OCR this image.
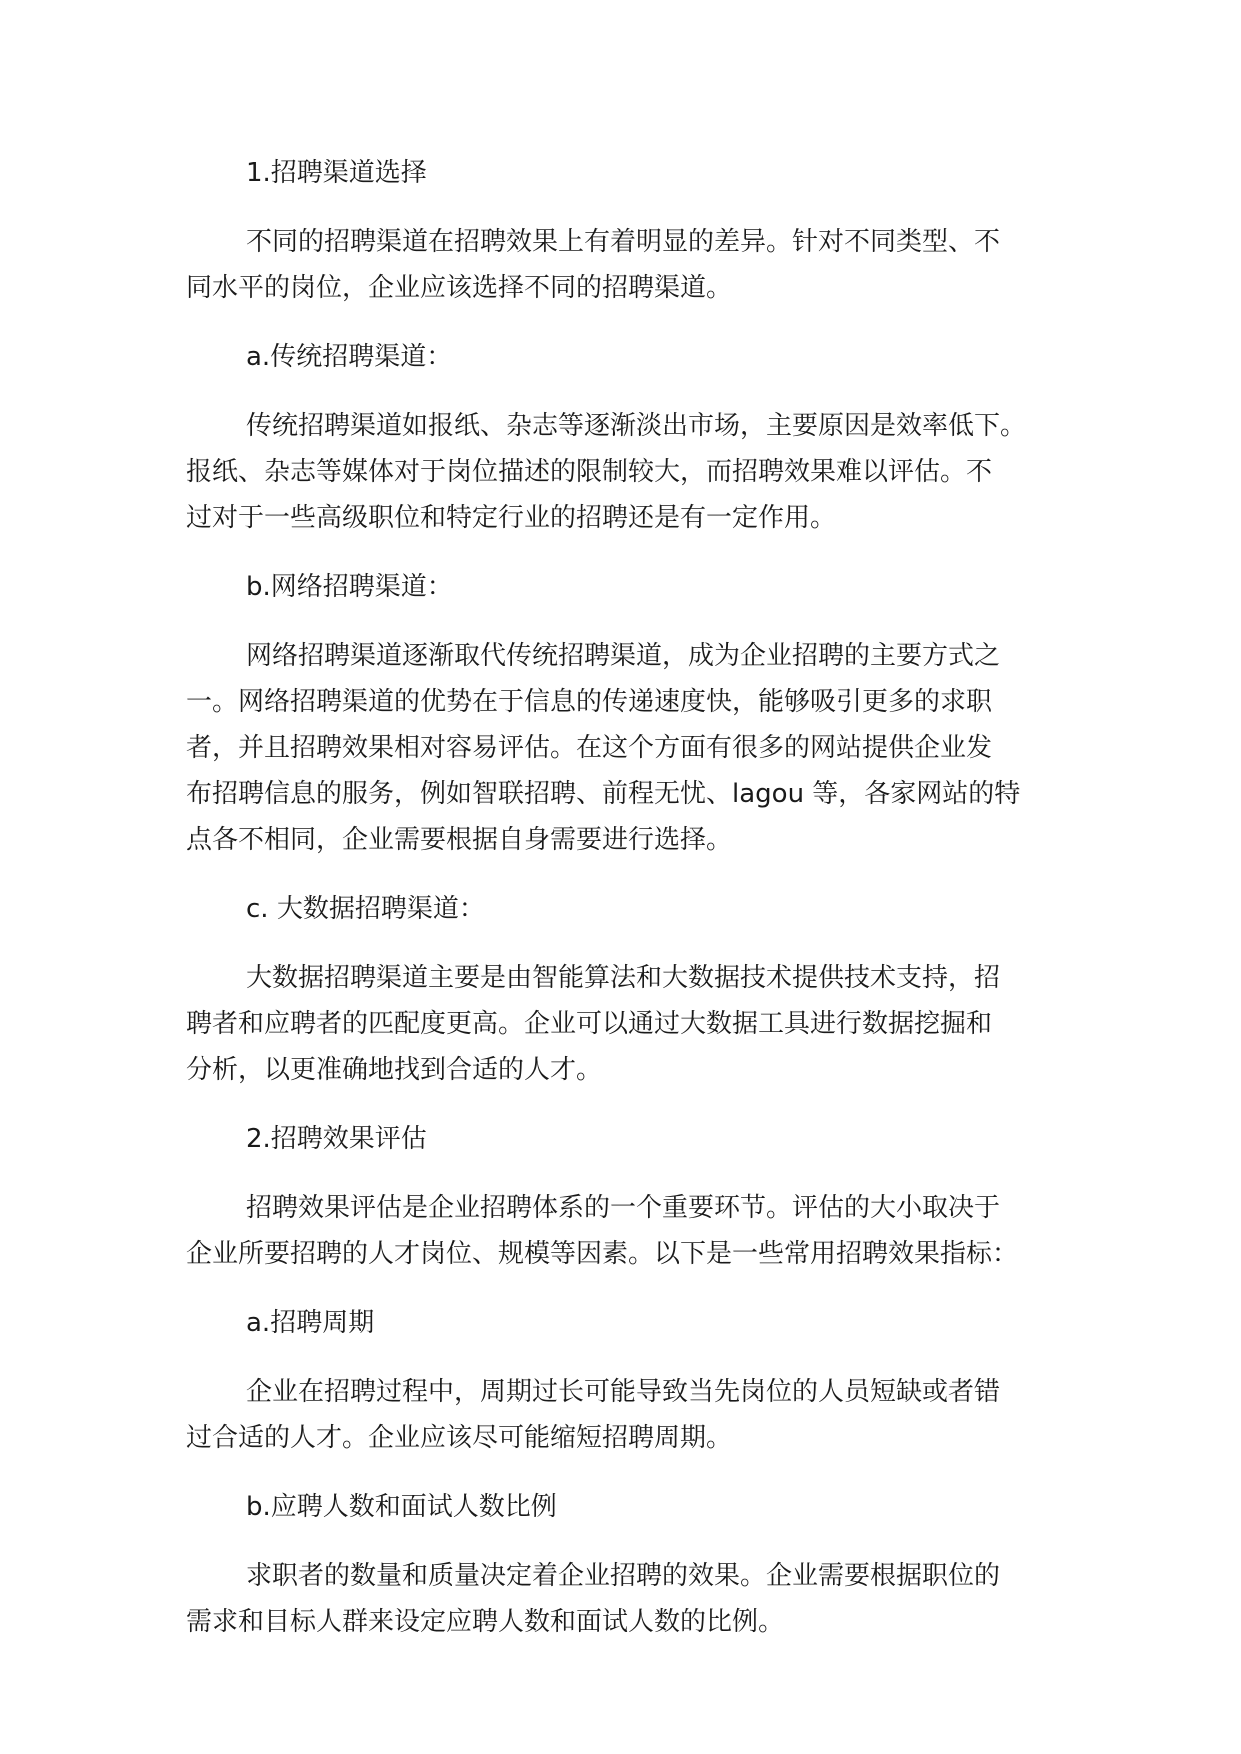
1.招聘渠道选择
不同的招聘渠道在招聘效果上有着明显的差异。针对不同类型、不
同水平的岗位，企业应该选择不同的招聘渠道。
a.传统招聘渠道：
传统招聘渠道如报纸、杂志等逐渐淡出市场，主要原因是效率低下。
报纸、杂志等媒体对于岗位描述的限制较大，而招聘效果难以评估。不
过对于一些高级职位和特定行业的招聘还是有一定作用。
b.网络招聘渠道：
网络招聘渠道逐渐取代传统招聘渠道，成为企业招聘的主要方式之
一。网络招聘渠道的优势在于信息的传递速度快，能够吸引更多的求职
者，并且招聘效果相对容易评估。在这个方面有很多的网站提供企业发
布招聘信息的服务，例如智联招聘、前程无忧、lagou 等，各家网站的特
点各不相同，企业需要根据自身需要进行选择。
c. 大数据招聘渠道：
大数据招聘渠道主要是由智能算法和大数据技术提供技术支持，招
聘者和应聘者的匹配度更高。企业可以通过大数据工具进行数据挖掘和
分析，以更准确地找到合适的人才。
2.招聘效果评估
招聘效果评估是企业招聘体系的一个重要环节。评估的大小取决于
企业所要招聘的人才岗位、规模等因素。以下是一些常用招聘效果指标：
a.招聘周期
企业在招聘过程中，周期过长可能导致当先岗位的人员短缺或者错
过合适的人才。企业应该尽可能缩短招聘周期。
b.应聘人数和面试人数比例
求职者的数量和质量决定着企业招聘的效果。企业需要根据职位的
需求和目标人群来设定应聘人数和面试人数的比例。
